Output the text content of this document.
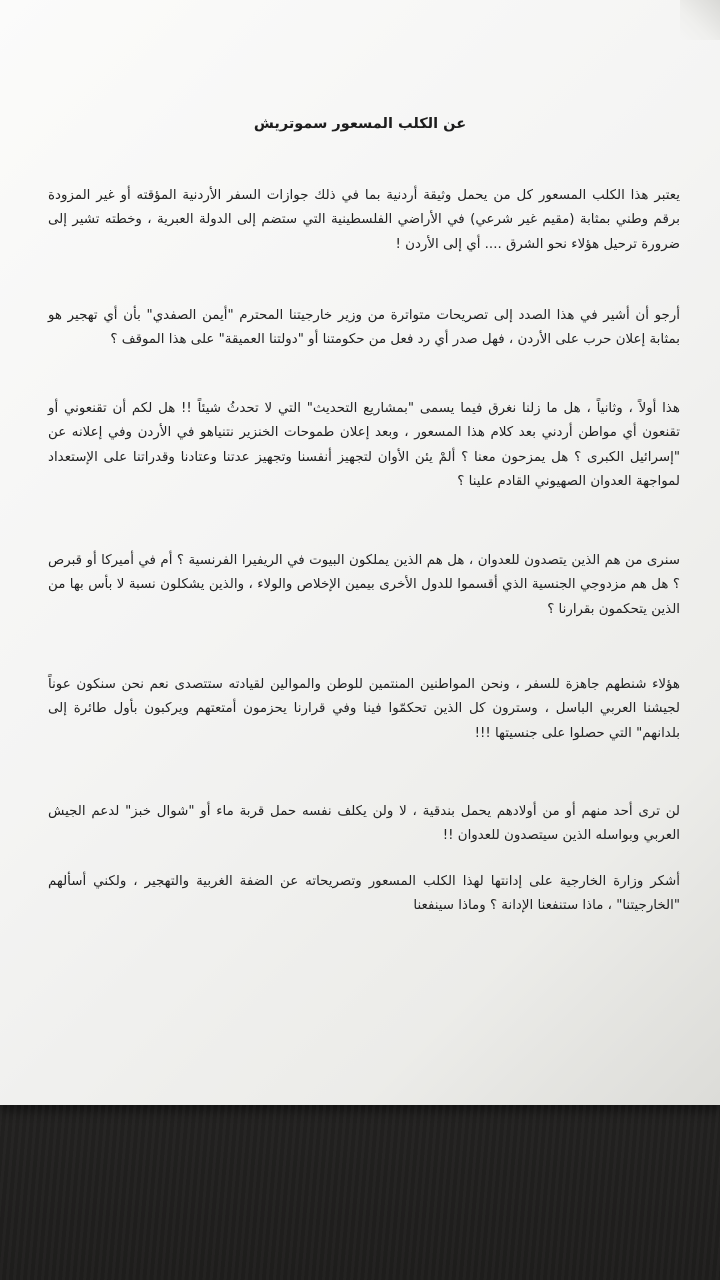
عن الكلب المسعور سموتريش

يعتبر هذا الكلب المسعور كل من يحمل وثيقة أردنية بما في ذلك جوازات السفر الأردنية المؤقته أو غير المزودة برقم وطني بمثابة (مقيم غير شرعي) في الأراضي الفلسطينية التي ستضم إلى الدولة العبرية ، وخطته تشير إلى ضرورة ترحيل هؤلاء نحو الشرق .... أي إلى الأردن !

أرجو أن أشير في هذا الصدد إلى تصريحات متواترة من وزير خارجيتنا المحترم "أيمن الصفدي" بأن أي تهجير هو بمثابة إعلان حرب على الأردن ، فهل صدر أي رد فعل من حكومتنا أو "دولتنا العميقة" على هذا الموقف ؟

هذا أولاً ، وثانياً ، هل ما زلنا نغرق فيما يسمى "بمشاريع التحديث" التي لا تحدثُ شيئاً !! هل لكم أن تقنعوني أو تقنعون أي مواطن أردني بعد كلام هذا المسعور ، وبعد إعلان طموحات الخنزير نتنياهو في الأردن وفي إعلانه عن "إسرائيل الكبرى ؟ هل يمزحون معنا ؟ ألمْ يئن الأوان لتجهيز أنفسنا وتجهيز عدتنا وعتادنا وقدراتنا على الإستعداد لمواجهة العدوان الصهيوني القادم علينا ؟

سنرى من هم الذين يتصدون للعدوان ، هل هم الذين يملكون البيوت في الريفيرا الفرنسية ؟ أم في أميركا أو قبرص ؟ هل هم مزدوجي الجنسية الذي أقسموا للدول الأخرى بيمين الإخلاص والولاء ، والذين يشكلون نسبة لا بأس بها من الذين يتحكمون بقرارنا ؟

هؤلاء شنطهم جاهزة للسفر ، ونحن المواطنين المنتمين للوطن والموالين لقيادته ستتصدى نعم نحن سنكون عوناً لجيشنا العربي الباسل ، وسترون كل الذين تحكمّوا فينا وفي قرارنا يحزمون أمتعتهم ويركبون بأول طائرة إلى بلدانهم" التي حصلوا على جنسيتها !!!

لن ترى أحد منهم أو من أولادهم يحمل بندقية ، لا ولن يكلف نفسه حمل قربة ماء أو "شوال خبز" لدعم الجيش العربي وبواسله الذين سيتصدون للعدوان !!

أشكر وزارة الخارجية على إدانتها لهذا الكلب المسعور وتصريحاته عن الضفة الغربية والتهجير ، ولكني أسألهم "الخارجيتنا" ، ماذا ستنفعنا الإدانة ؟ وماذا سينفعنا
